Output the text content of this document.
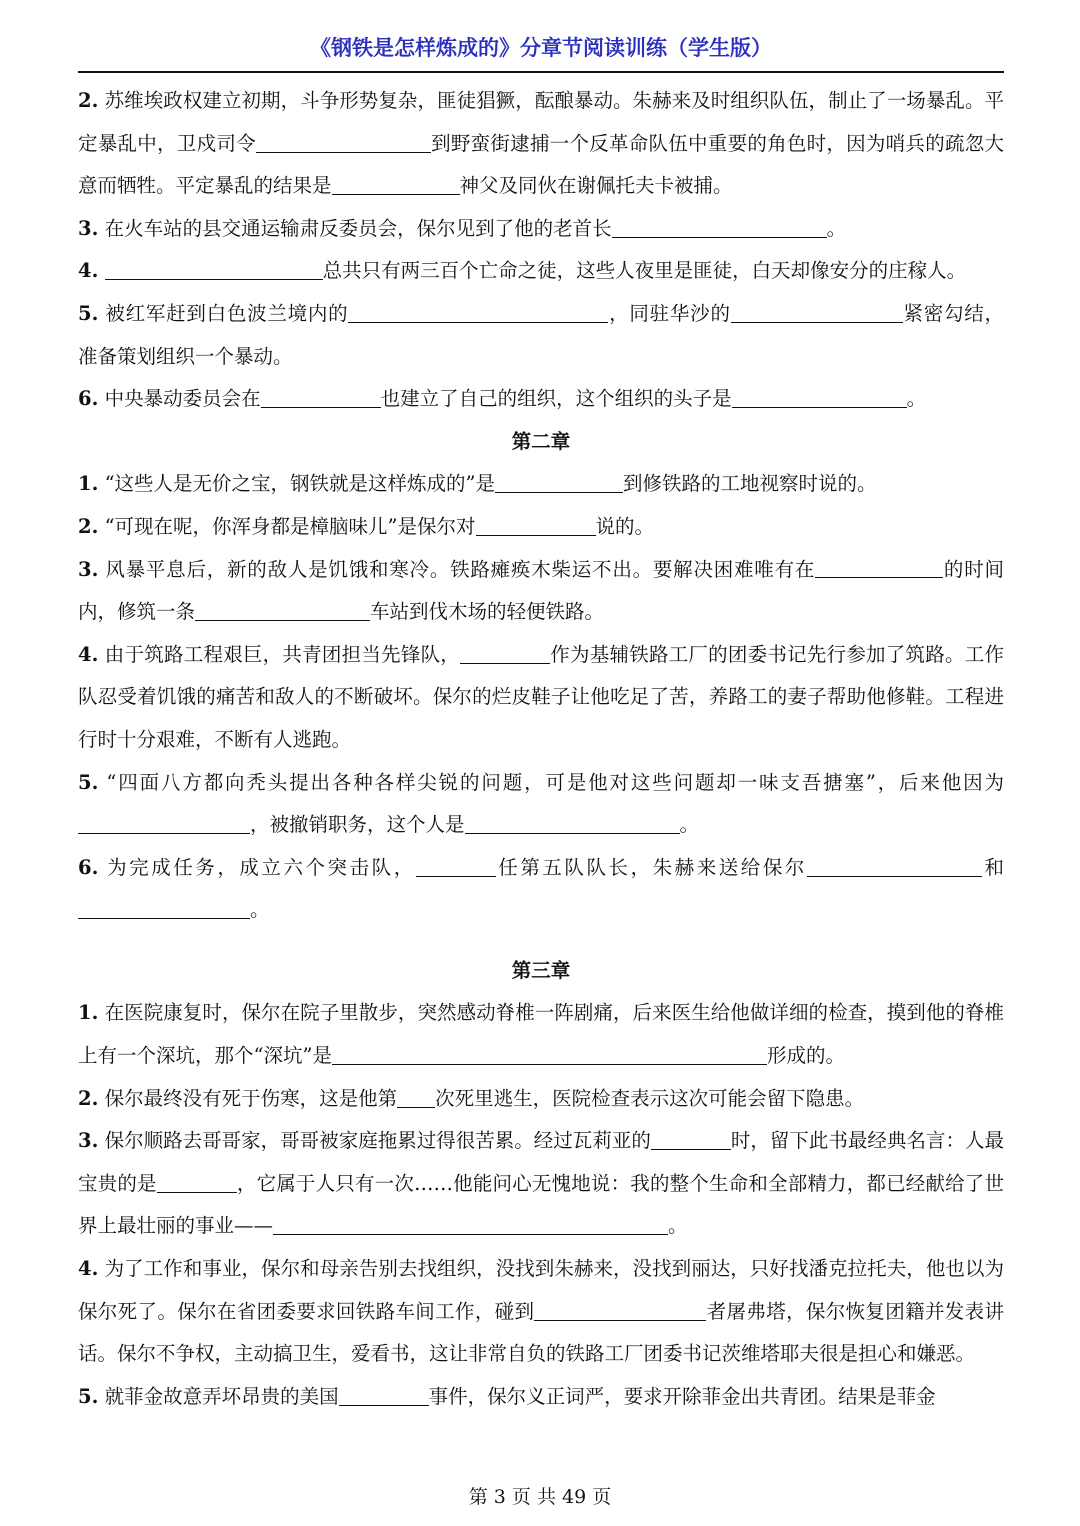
《钢铁是怎样炼成的》分章节阅读训练（学生版）

2. 苏维埃政权建立初期，斗争形势复杂，匪徒猖獗，酝酿暴动。朱赫来及时组织队伍，制止了一场暴乱。平定暴乱中，卫戍司令	到野蛮街逮捕一个反革命队伍中重要的角色时，因为哨兵的疏忽大意而牺牲。平定暴乱的结果是	神父及同伙在谢佩托夫卡被捕。

3. 在火车站的县交通运输肃反委员会，保尔见到了他的老首长	。

4.	总共只有两三百个亡命之徒，这些人夜里是匪徒，白天却像安分的庄稼人。

5. 被红军赶到白色波兰境内的	，同驻华沙的	紧密勾结，准备策划组织一个暴动。

6. 中央暴动委员会在	也建立了自己的组织，这个组织的头子是	。

第二章

1. “这些人是无价之宝，钢铁就是这样炼成的”是	到修铁路的工地视察时说的。

2. “可现在呢，你浑身都是樟脑味儿”是保尔对	说的。

3. 风暴平息后，新的敌人是饥饿和寒冷。铁路瘫痪木柴运不出。要解决困难唯有在	的时间内，修筑一条	车站到伐木场的轻便铁路。

4. 由于筑路工程艰巨，共青团担当先锋队，	作为基辅铁路工厂的团委书记先行参加了筑路。工作队忍受着饥饿的痛苦和敌人的不断破坏。保尔的烂皮鞋子让他吃足了苦，养路工的妻子帮助他修鞋。工程进行时十分艰难，不断有人逃跑。

5. “四面八方都向秃头提出各种各样尖锐的问题，可是他对这些问题却一味支吾搪塞”，后来他因为，被撤销职务，这个人是	。

6. 为完成任务，成立六个突击队，	任第五队队长，朱赫来送给保尔	和。

第三章

1. 在医院康复时，保尔在院子里散步，突然感动脊椎一阵剧痛，后来医生给他做详细的检查，摸到他的脊椎上有一个深坑，那个“深坑”是	形成的。

2. 保尔最终没有死于伤寒，这是他第 次死里逃生，医院检查表示这次可能会留下隐患。

3. 保尔顺路去哥哥家，哥哥被家庭拖累过得很苦累。经过瓦莉亚的	时，留下此书最经典名言：人最宝贵的是	，它属于人只有一次……他能问心无愧地说：我的整个生命和全部精力，都已经献给了世界上最壮丽的事业——	。

4. 为了工作和事业，保尔和母亲告别去找组织，没找到朱赫来，没找到丽达，只好找潘克拉托夫，他也以为保尔死了。保尔在省团委要求回铁路车间工作，碰到	者屠弗塔，保尔恢复团籍并发表讲话。保尔不争权，主动搞卫生，爱看书，这让非常自负的铁路工厂团委书记茨维塔耶夫很是担心和嫌恶。

5. 就菲金故意弄坏昂贵的美国	事件，保尔义正词严，要求开除菲金出共青团。结果是菲金

第 3 页 共 49 页
